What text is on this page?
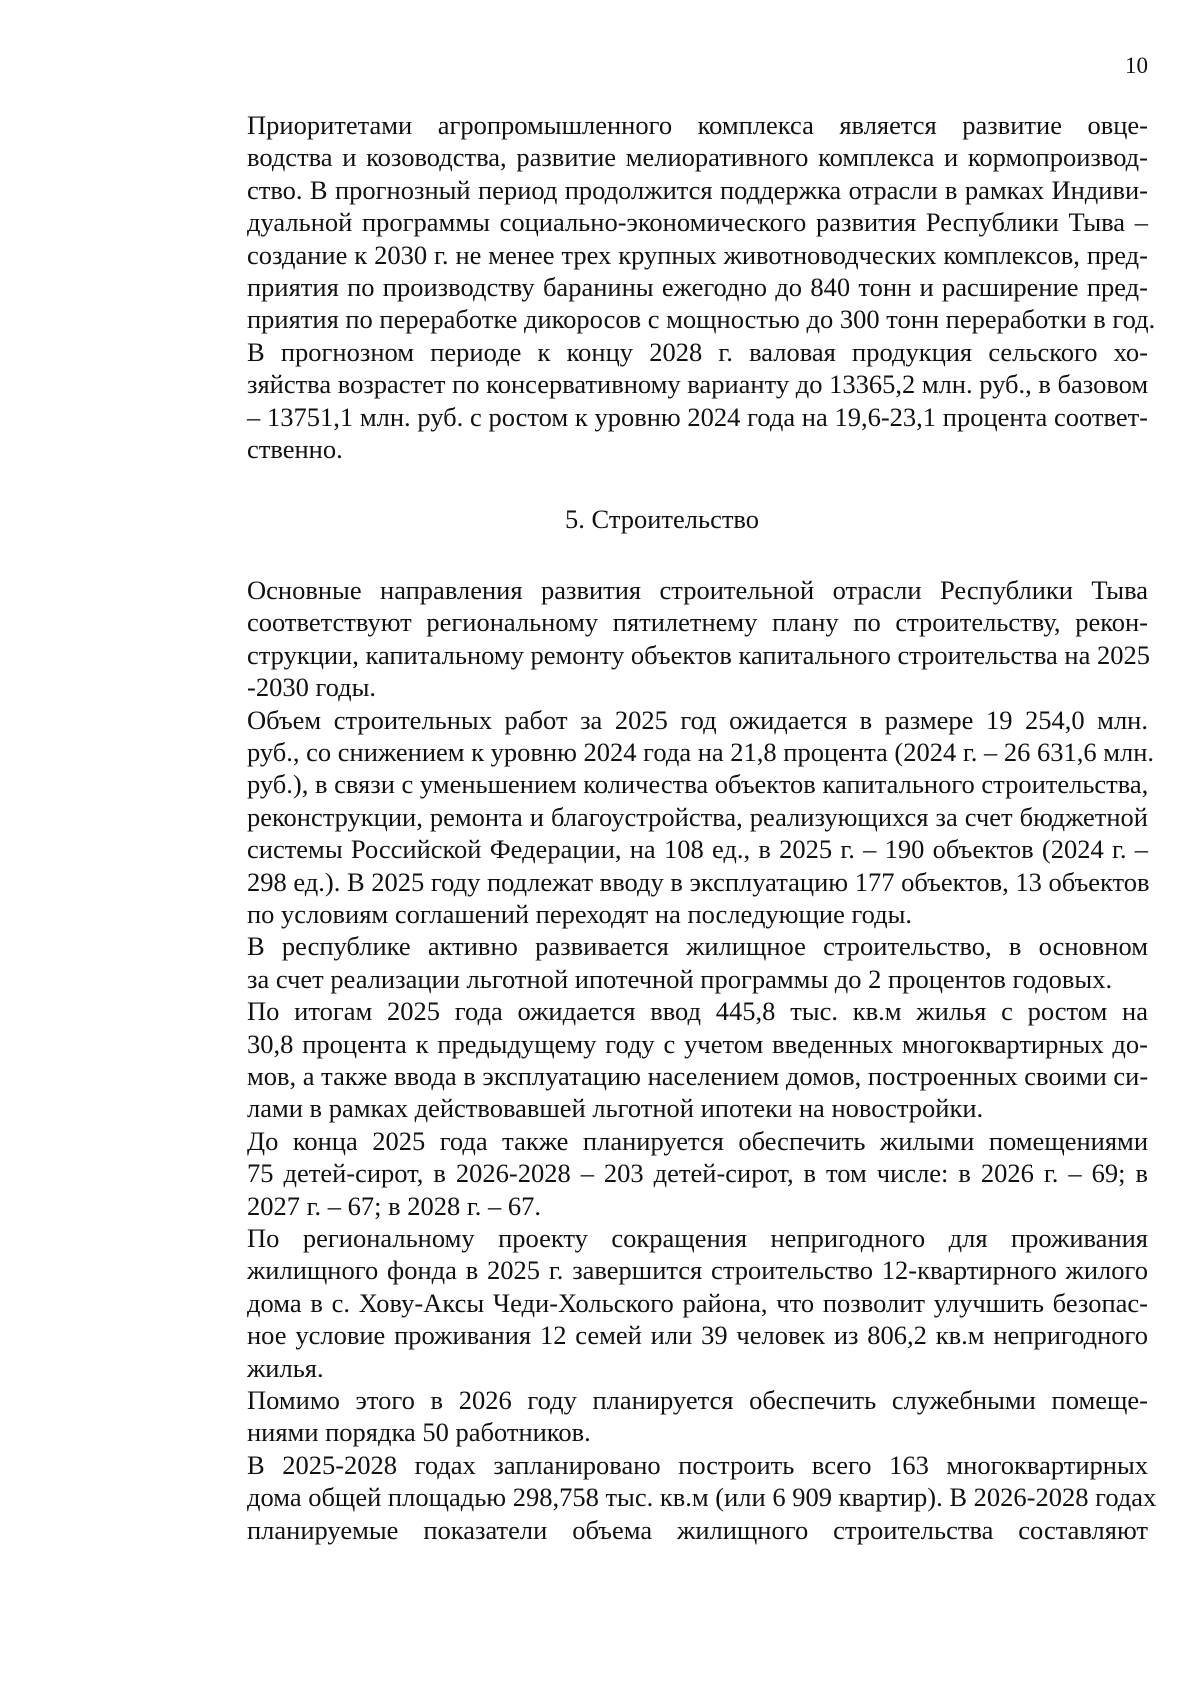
10

Приоритетами агропромышленного комплекса является развитие овце-
водства и козоводства, развитие мелиоративного комплекса и кормопроизвод-
ство. В прогнозный период продолжится поддержка отрасли в рамках Индиви-
дуальной программы социально-экономического развития Республики Тыва –
создание к 2030 г. не менее трех крупных животноводческих комплексов, пред-
приятия по производству баранины ежегодно до 840 тонн и расширение пред-
приятия по переработке дикоросов с мощностью до 300 тонн переработки в год.

В прогнозном периоде к концу 2028 г. валовая продукция сельского хо-
зяйства возрастет по консервативному варианту до 13365,2 млн. руб., в базовом
– 13751,1 млн. руб. с ростом к уровню 2024 года на 19,6-23,1 процента соответ-
ственно.

5. Строительство

Основные направления развития строительной отрасли Республики Тыва
соответствуют региональному пятилетнему плану по строительству, рекон-
струкции, капитальному ремонту объектов капитального строительства на 2025
-2030 годы.

Объем строительных работ за 2025 год ожидается в размере 19 254,0 млн.
руб., со снижением к уровню 2024 года на 21,8 процента (2024 г. – 26 631,6 млн.
руб.), в связи с уменьшением количества объектов капитального строительства,
реконструкции, ремонта и благоустройства, реализующихся за счет бюджетной
системы Российской Федерации, на 108 ед., в 2025 г. – 190 объектов (2024 г. –
298 ед.). В 2025 году подлежат вводу в эксплуатацию 177 объектов, 13 объектов
по условиям соглашений переходят на последующие годы.

В республике активно развивается жилищное строительство, в основном
за счет реализации льготной ипотечной программы до 2 процентов годовых.

По итогам 2025 года ожидается ввод 445,8 тыс. кв.м жилья с ростом на
30,8 процента к предыдущему году с учетом введенных многоквартирных до-
мов, а также ввода в эксплуатацию населением домов, построенных своими си-
лами в рамках действовавшей льготной ипотеки на новостройки.

До конца 2025 года также планируется обеспечить жилыми помещениями
75 детей-сирот, в 2026-2028 – 203 детей-сирот, в том числе: в 2026 г. – 69; в
2027 г. – 67; в 2028 г. – 67.

По региональному проекту сокращения непригодного для проживания
жилищного фонда в 2025 г. завершится строительство 12-квартирного жилого
дома в с. Хову-Аксы Чеди-Хольского района, что позволит улучшить безопас-
ное условие проживания 12 семей или 39 человек из 806,2 кв.м непригодного
жилья.

Помимо этого в 2026 году планируется обеспечить служебными помеще-
ниями порядка 50 работников.

В 2025-2028 годах запланировано построить всего 163 многоквартирных
дома общей площадью 298,758 тыс. кв.м (или 6 909 квартир). В 2026-2028 годах
планируемые показатели объема жилищного строительства составляют
